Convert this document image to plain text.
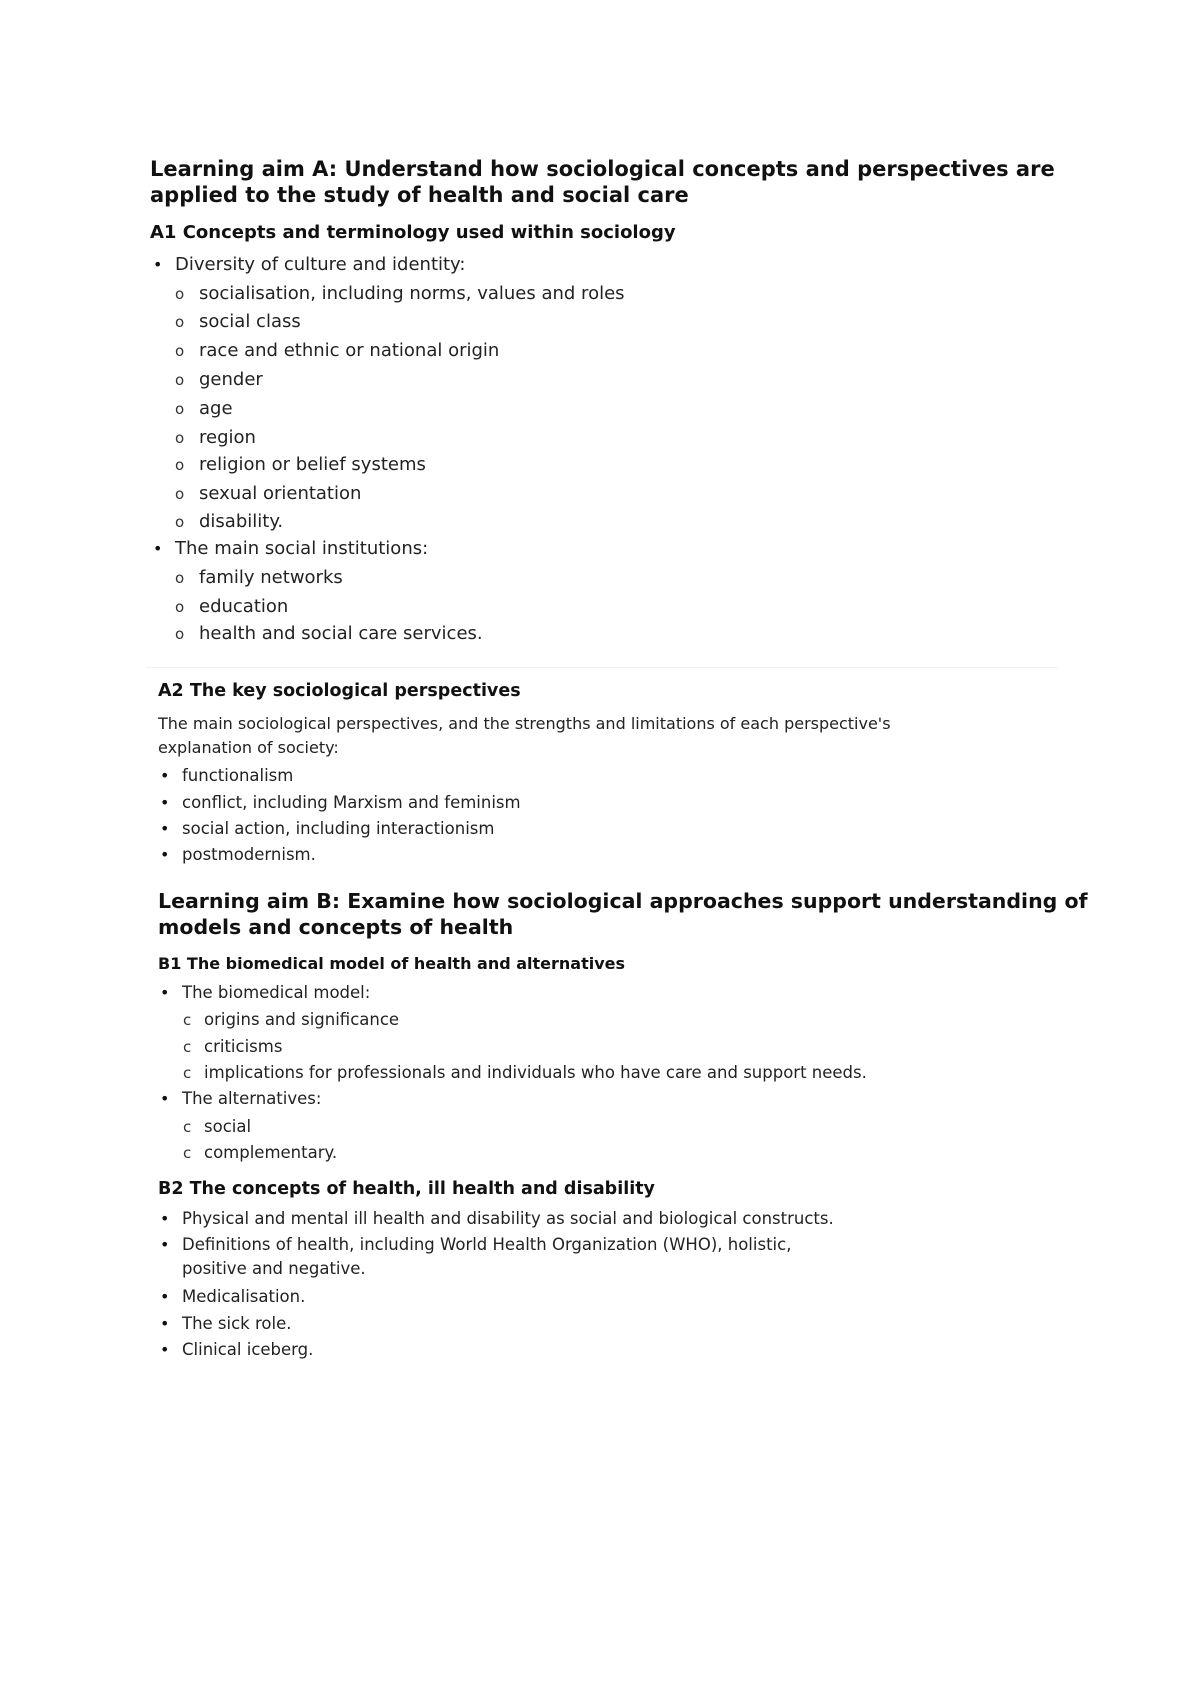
Learning aim A: Understand how sociological concepts and perspectives are
applied to the study of health and social care
A1 Concepts and terminology used within sociology
• Diversity of culture and identity:

o socialisation, including norms, values and roles

o social class

o race and ethnic or national origin

o gender

o age

o region

o religion or belief systems

o sexual orientation

o disability.

• The main social institutions:

o family networks

o education

o health and social care services.

A2 The key sociological perspectives

The main sociological perspectives, and the strengths and limitations of each perspective's

explanation of society:

• functionalism

• conflict, including Marxism and feminism

• social action, including interactionism

• postmodernism.

Learning aim B: Examine how sociological approaches support understanding of
models and concepts of health
B1 The biomedical model of health and alternatives
• The biomedical model:

c origins and significance

c criticisms

c implications for professionals and individuals who have care and support needs.

• The alternatives:

c social

c complementary.

B2 The concepts of health, ill health and disability
• Physical and mental ill health and disability as social and biological constructs.

• Definitions of health, including World Health Organization (WHO), holistic,

positive and negative.

• Medicalisation.

• The sick role.

• Clinical iceberg.
